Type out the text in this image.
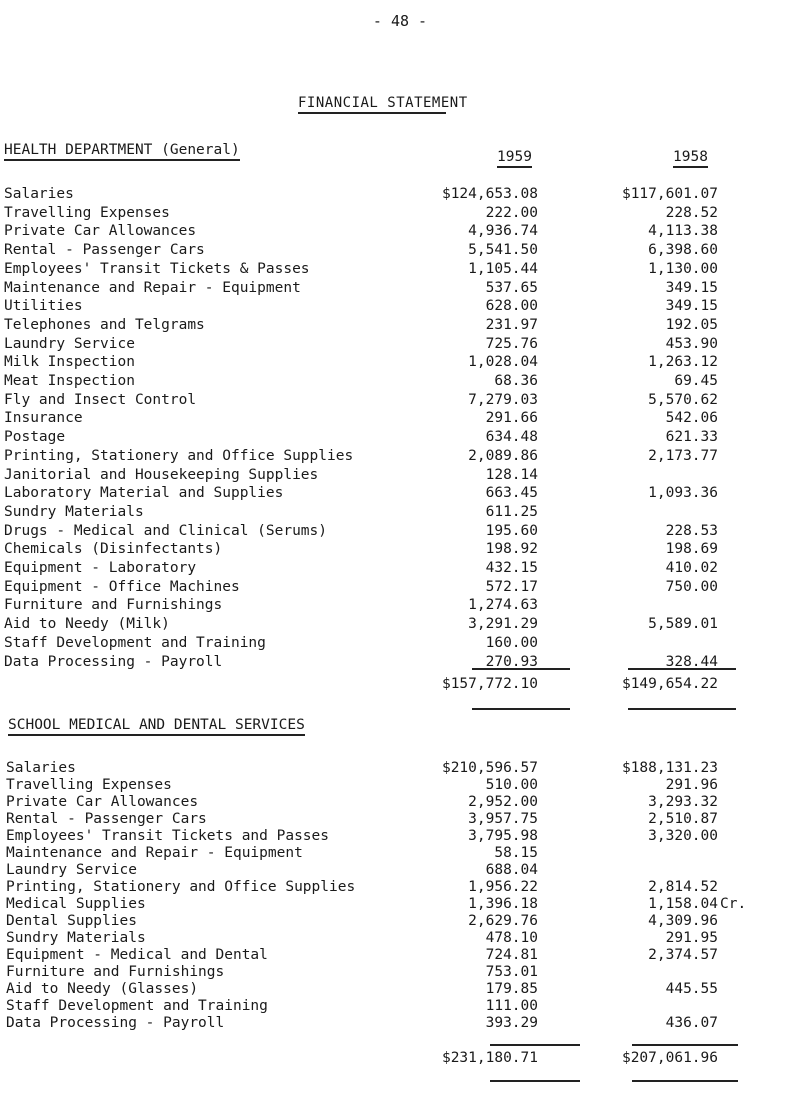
- 48 -
FINANCIAL STATEMENT
HEALTH DEPARTMENT (General)	1959	1958
Salaries	$124,653.08	$117,601.07
Travelling Expenses	222.00	228.52
Private Car Allowances	4,936.74	4,113.38
Rental - Passenger Cars	5,541.50	6,398.60
Employees' Transit Tickets & Passes	1,105.44	1,130.00
Maintenance and Repair - Equipment	537.65	349.15
Utilities	628.00	349.15
Telephones and Telgrams	231.97	192.05
Laundry Service	725.76	453.90
Milk Inspection	1,028.04	1,263.12
Meat Inspection	68.36	69.45
Fly and Insect Control	7,279.03	5,570.62
Insurance	291.66	542.06
Postage	634.48	621.33
Printing, Stationery and Office Supplies	2,089.86	2,173.77
Janitorial and Housekeeping Supplies	128.14
Laboratory Material and Supplies	663.45	1,093.36
Sundry Materials	611.25
Drugs - Medical and Clinical (Serums)	195.60	228.53
Chemicals (Disinfectants)	198.92	198.69
Equipment - Laboratory	432.15	410.02
Equipment - Office Machines	572.17	750.00
Furniture and Furnishings	1,274.63
Aid to Needy (Milk)	3,291.29	5,589.01
Staff Development and Training	160.00
Data Processing - Payroll	270.93	328.44
$157,772.10	$149,654.22
SCHOOL MEDICAL AND DENTAL SERVICES
Salaries	$210,596.57	$188,131.23
Travelling Expenses	510.00	291.96
Private Car Allowances	2,952.00	3,293.32
Rental - Passenger Cars	3,957.75	2,510.87
Employees' Transit Tickets and Passes	3,795.98	3,320.00
Maintenance and Repair - Equipment	58.15
Laundry Service	688.04
Printing, Stationery and Office Supplies	1,956.22	2,814.52
Medical Supplies	1,396.18	1,158.04 Cr.
Dental Supplies	2,629.76	4,309.96
Sundry Materials	478.10	291.95
Equipment - Medical and Dental	724.81	2,374.57
Furniture and Furnishings	753.01
Aid to Needy (Glasses)	179.85	445.55
Staff Development and Training	111.00
Data Processing - Payroll	393.29	436.07
$231,180.71	$207,061.96
